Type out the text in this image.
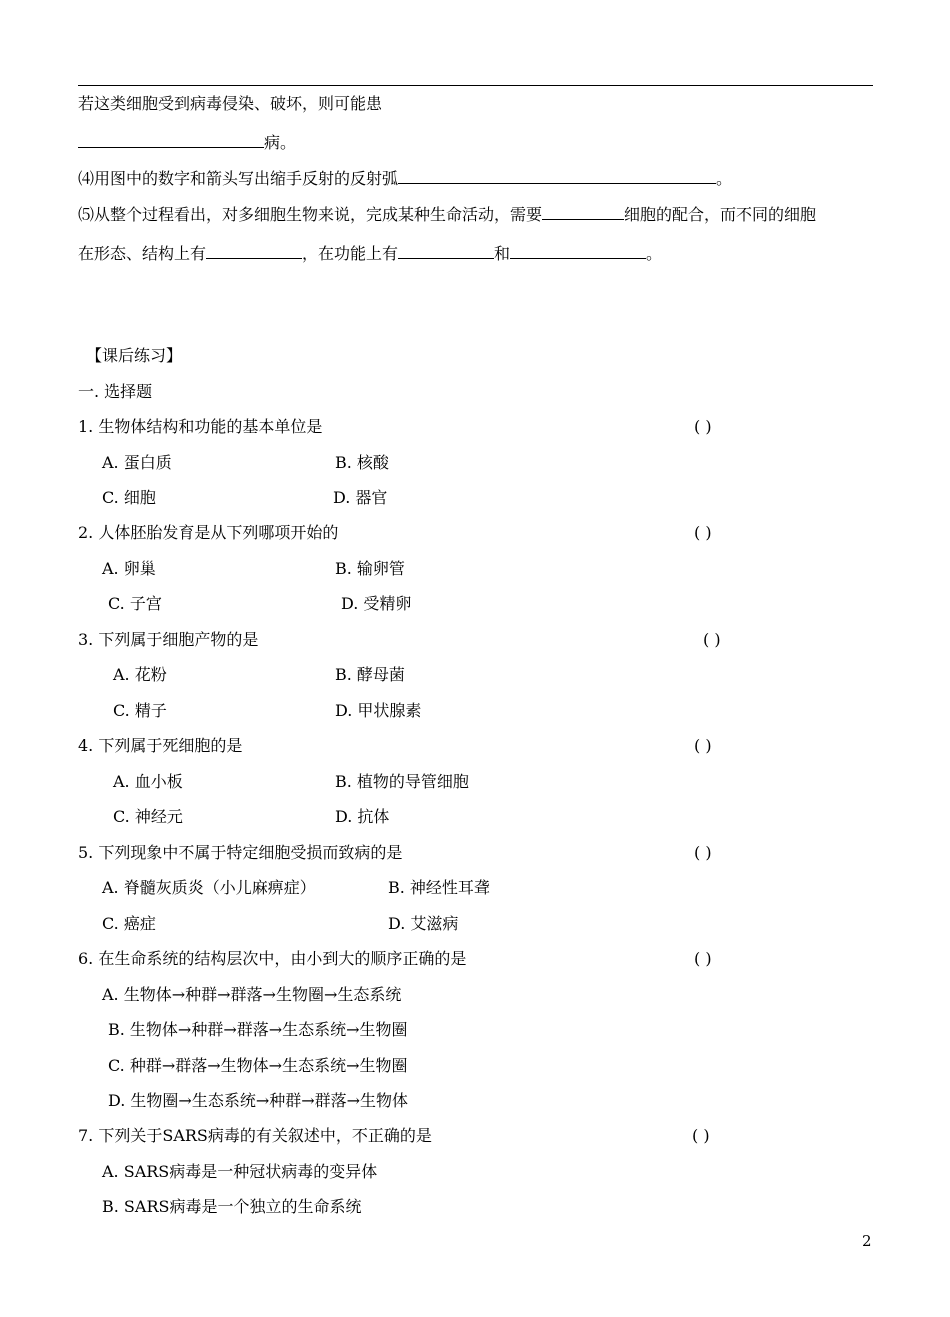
若这类细胞受到病毒侵染、破坏，则可能患
病。
⑷用图中的数字和箭头写出缩手反射的反射弧	。
⑸从整个过程看出，对多细胞生物来说，完成某种生命活动，需要	细胞的配合，而不同的细胞
在形态、结构上有	，在功能上有	和	。
【课后练习】
一. 选择题
1. 生物体结构和功能的基本单位是	( )
A. 蛋白质	B. 核酸
C. 细胞	D. 器官
2. 人体胚胎发育是从下列哪项开始的	( )
A. 卵巢	B. 输卵管
C. 子宫	D. 受精卵
3. 下列属于细胞产物的是	( )
A. 花粉	B. 酵母菌
C. 精子	D. 甲状腺素
4. 下列属于死细胞的是	( )
A. 血小板	B. 植物的导管细胞
C. 神经元	D. 抗体
5. 下列现象中不属于特定细胞受损而致病的是	( )
A. 脊髓灰质炎（小儿麻痹症）	B. 神经性耳聋
C. 癌症	D. 艾滋病
6. 在生命系统的结构层次中，由小到大的顺序正确的是	( )
A. 生物体→种群→群落→生物圈→生态系统
B. 生物体→种群→群落→生态系统→生物圈
C. 种群→群落→生物体→生态系统→生物圈
D. 生物圈→生态系统→种群→群落→生物体
7. 下列关于SARS病毒的有关叙述中，不正确的是	( )
A. SARS病毒是一种冠状病毒的变异体
B. SARS病毒是一个独立的生命系统
2
